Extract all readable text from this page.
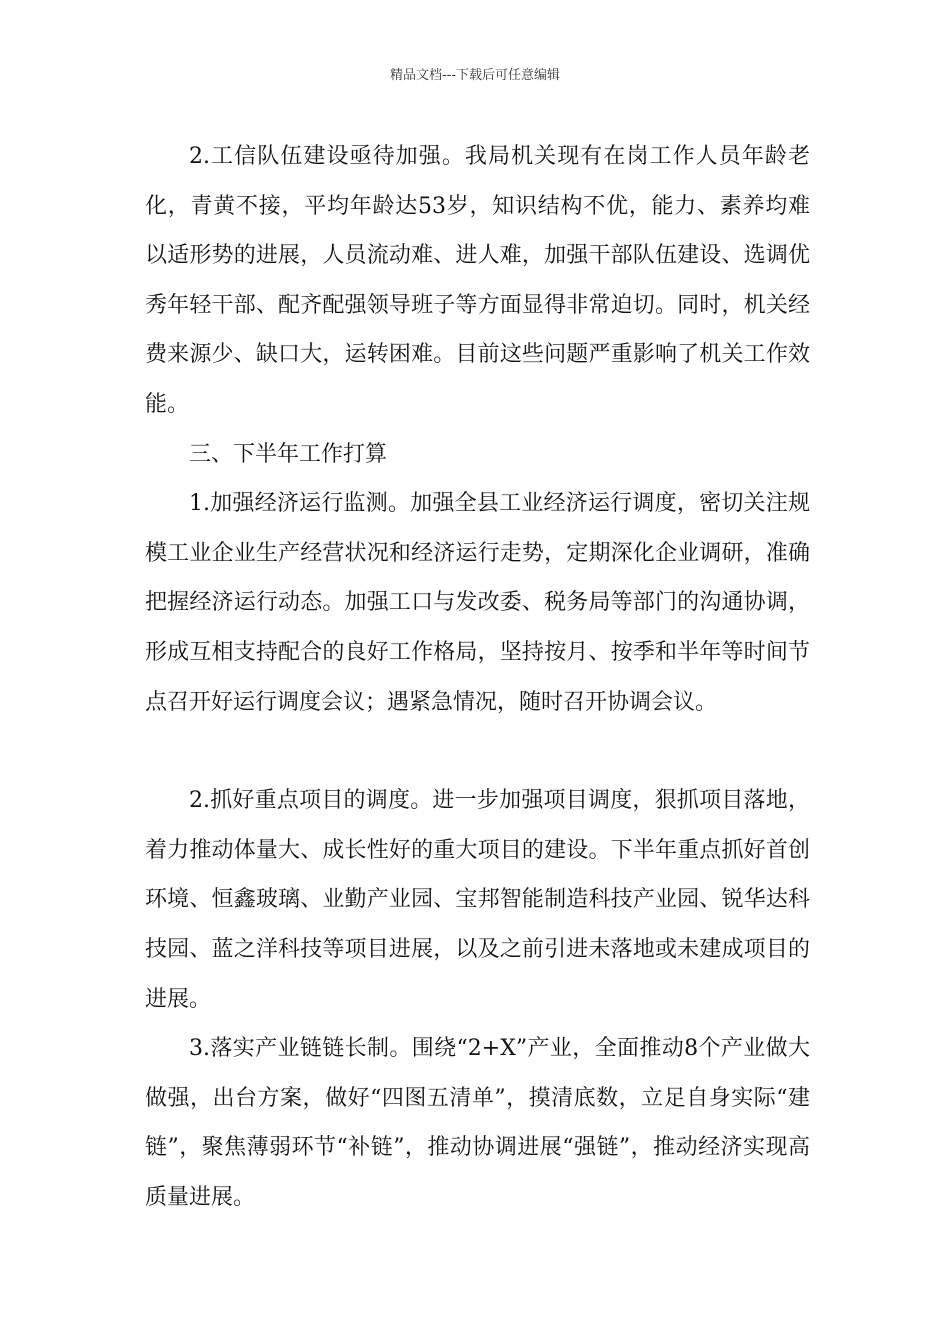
精品文档---下载后可任意编辑

2.工信队伍建设亟待加强。我局机关现有在岗工作人员年龄老化，青黄不接，平均年龄达53岁，知识结构不优，能力、素养均难以适形势的进展，人员流动难、进人难，加强干部队伍建设、选调优秀年轻干部、配齐配强领导班子等方面显得非常迫切。同时，机关经费来源少、缺口大，运转困难。目前这些问题严重影响了机关工作效能。

三、下半年工作打算

1.加强经济运行监测。加强全县工业经济运行调度，密切关注规模工业企业生产经营状况和经济运行走势，定期深化企业调研，准确把握经济运行动态。加强工口与发改委、税务局等部门的沟通协调，形成互相支持配合的良好工作格局，坚持按月、按季和半年等时间节点召开好运行调度会议；遇紧急情况，随时召开协调会议。

2.抓好重点项目的调度。进一步加强项目调度，狠抓项目落地，着力推动体量大、成长性好的重大项目的建设。下半年重点抓好首创环境、恒鑫玻璃、业勤产业园、宝邦智能制造科技产业园、锐华达科技园、蓝之洋科技等项目进展，以及之前引进未落地或未建成项目的进展。

3.落实产业链链长制。围绕“2+X”产业，全面推动8个产业做大做强，出台方案，做好“四图五清单”，摸清底数，立足自身实际“建链”，聚焦薄弱环节“补链”，推动协调进展“强链”，推动经济实现高质量进展。
